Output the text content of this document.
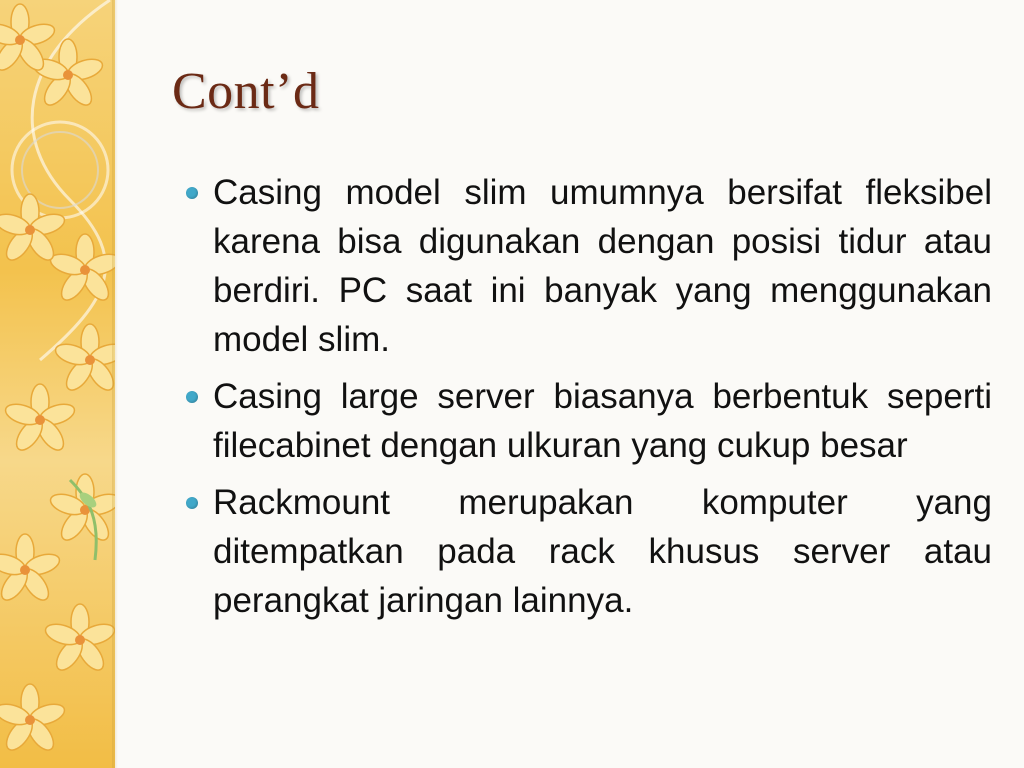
Cont’d
Casing model slim umumnya bersifat fleksibel karena bisa digunakan dengan posisi tidur atau berdiri. PC saat ini banyak yang menggunakan model slim.
Casing large server biasanya berbentuk seperti filecabinet dengan ulkuran yang cukup besar
Rackmount merupakan komputer yang ditempatkan pada rack khusus server atau perangkat jaringan lainnya.
